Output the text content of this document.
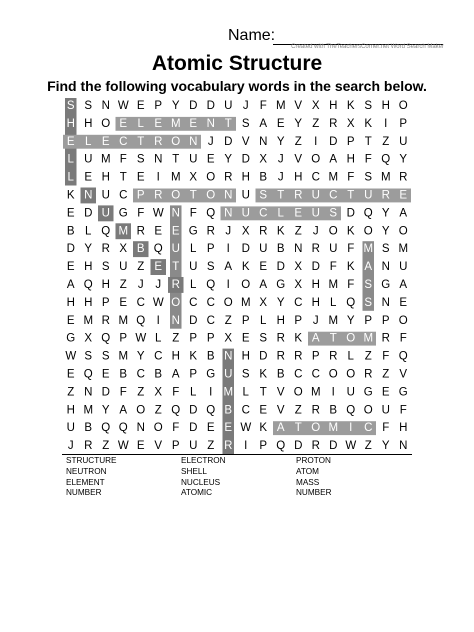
Name:
Created with TheTeachersCorner.net Word Search Maker
Atomic Structure
Find the following vocabulary words in the search below.
S S N W E P Y D D U J F M V X H K S H O
H H O E L E M E N T S A E Y Z R X K I P
E L E C T R O N J D V N Y Z I D P T Z U
L U M F S N T U E Y D X J V O A H F Q Y
L E H T E I M X O R H B J H C M F S M R
K N U C P R O T O N U S T R U C T U R E
E D U G F W N F Q N U C L E U S D Q Y A
B L Q M R E E G R J X R K Z J O K O Y O
D Y R X B Q U L P I D U B N R U F M S M
E H S U Z E T U S A K E D X D F K A N U
A Q H Z J J R L Q I O A G X H M F S G A
H H P E C W O C C O M X Y C H L Q S N E
E M R M Q I N D C Z P L H P J M Y P P O
G X Q P W L Z P P X E S R K A T O M R F
W S S M Y C H K B N H D R R P R L Z F Q
E Q E B C B A P G U S K B C C O O R Z V
Z N D F Z X F L I M L T V O M I U G E G
H M Y A O Z Q D Q B C E V Z R B Q O U F
U B Q Q N O F D E E W K A T O M I C F H
J R Z W E V P U Z R I P Q D R D W Z Y N
STRUCTURE	ELECTRON	PROTON
NEUTRON	SHELL	ATOM
ELEMENT	NUCLEUS	MASS
NUMBER	ATOMIC	NUMBER
